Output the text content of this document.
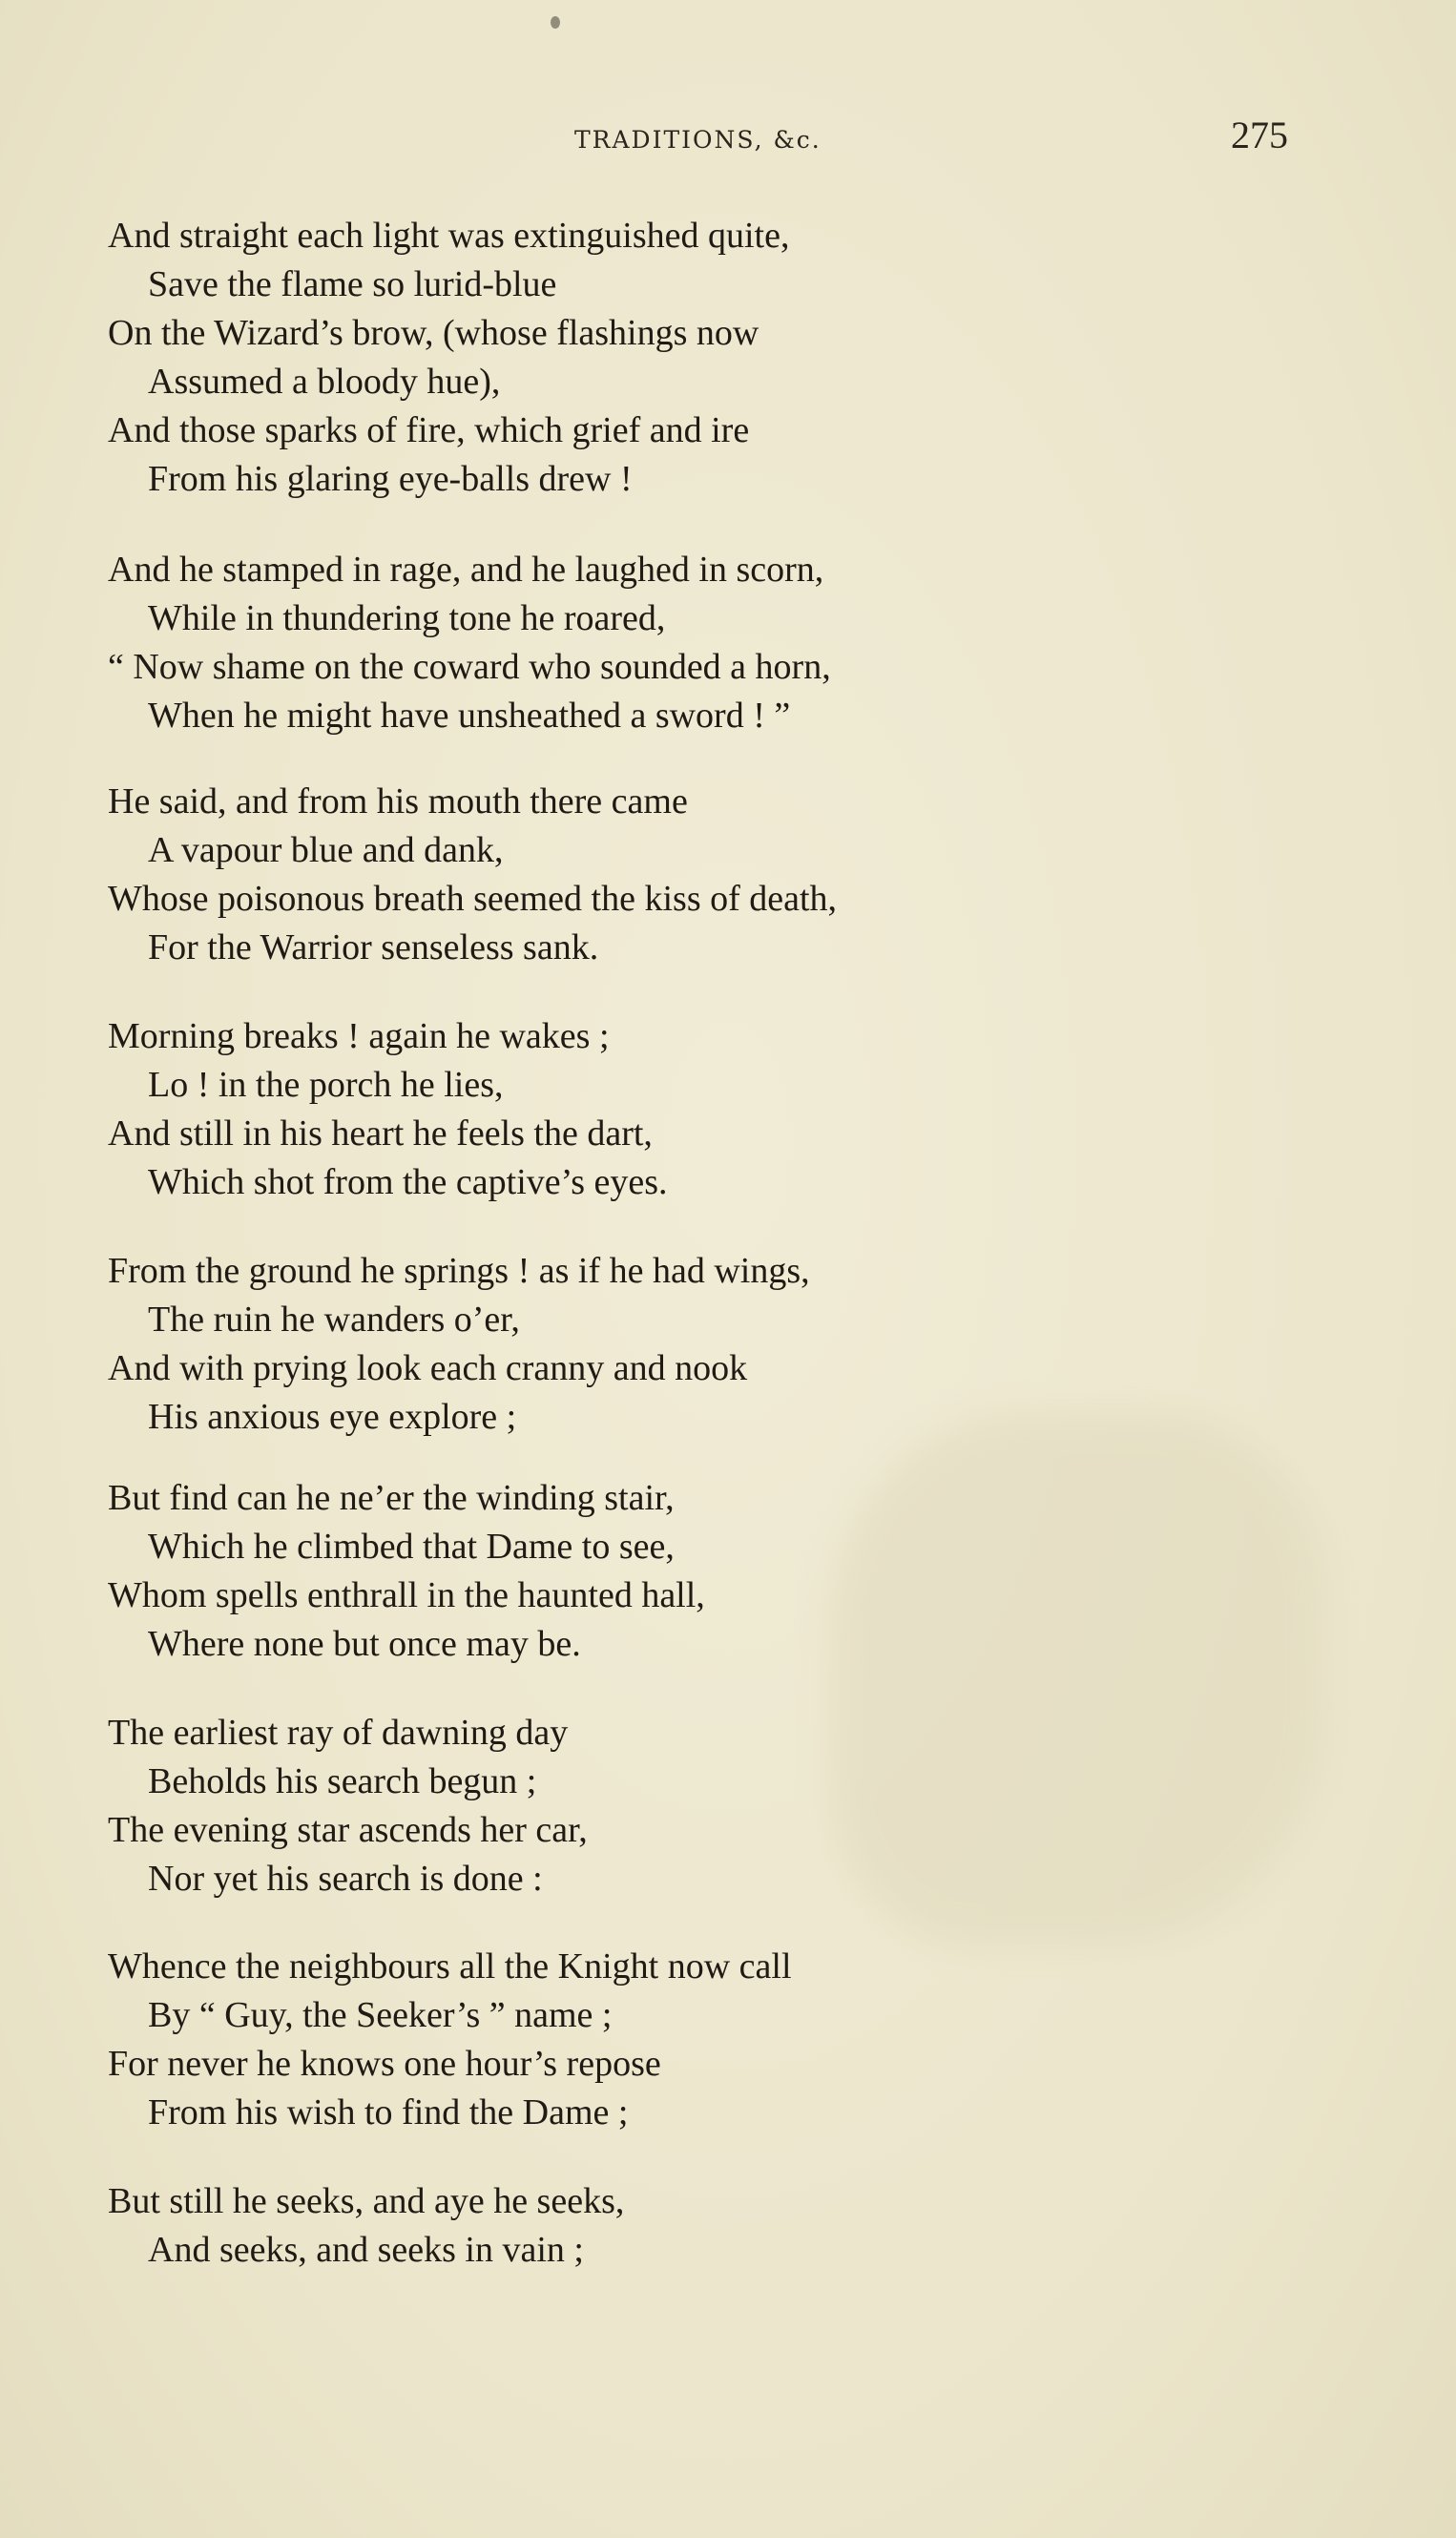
TRADITIONS, &c.	275
And straight each light was extinguished quite,
Save the flame so lurid-blue
On the Wizard’s brow, (whose flashings now
Assumed a bloody hue),
And those sparks of fire, which grief and ire
From his glaring eye-balls drew !
And he stamped in rage, and he laughed in scorn,
While in thundering tone he roared,
“ Now shame on the coward who sounded a horn,
When he might have unsheathed a sword ! ”
He said, and from his mouth there came
A vapour blue and dank,
Whose poisonous breath seemed the kiss of death,
For the Warrior senseless sank.
Morning breaks ! again he wakes ;
Lo ! in the porch he lies,
And still in his heart he feels the dart,
Which shot from the captive’s eyes.
From the ground he springs ! as if he had wings,
The ruin he wanders o’er,
And with prying look each cranny and nook
His anxious eye explore ;
But find can he ne’er the winding stair,
Which he climbed that Dame to see,
Whom spells enthrall in the haunted hall,
Where none but once may be.
The earliest ray of dawning day
Beholds his search begun ;
The evening star ascends her car,
Nor yet his search is done :
Whence the neighbours all the Knight now call
By “ Guy, the Seeker’s ” name ;
For never he knows one hour’s repose
From his wish to find the Dame ;
But still he seeks, and aye he seeks,
And seeks, and seeks in vain ;
